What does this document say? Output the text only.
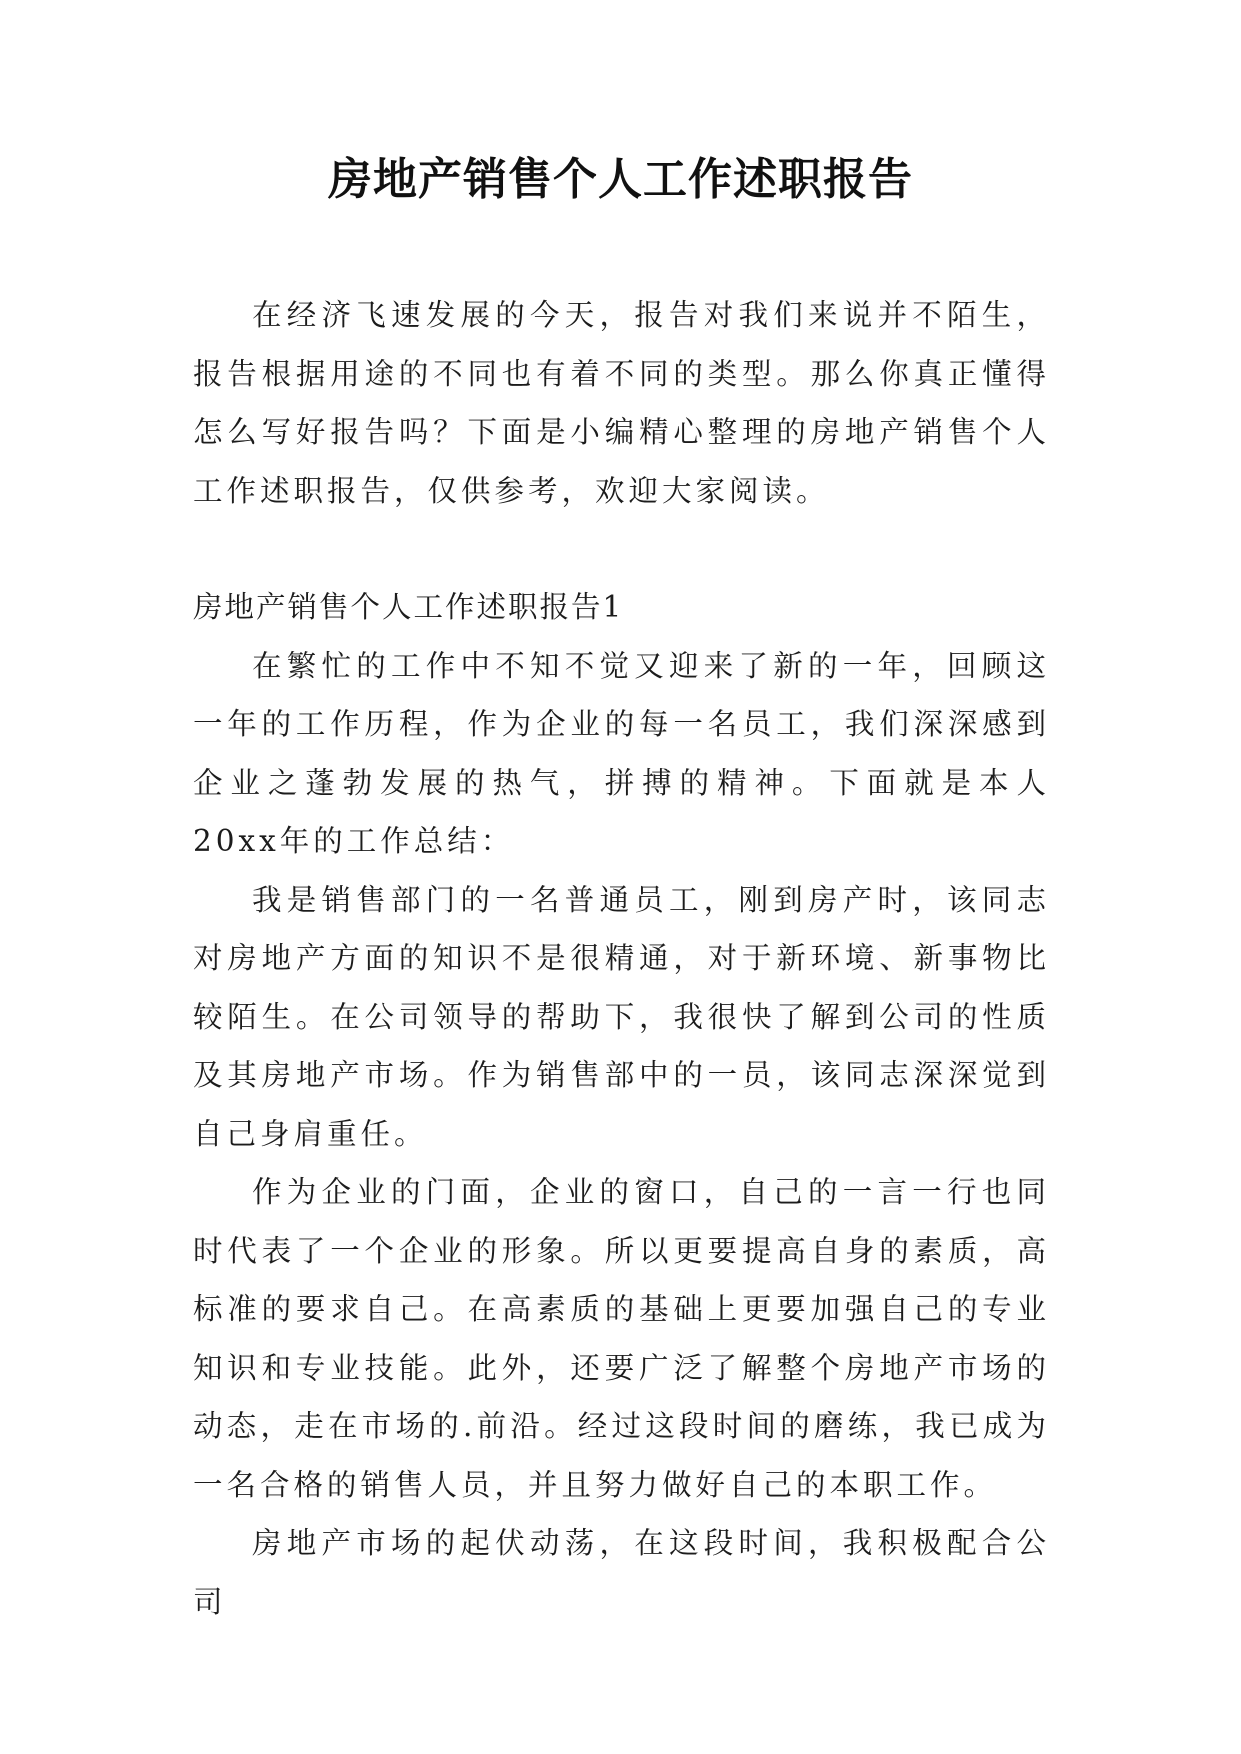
房地产销售个人工作述职报告

在经济飞速发展的今天，报告对我们来说并不陌生，报告根据用途的不同也有着不同的类型。那么你真正懂得怎么写好报告吗？下面是小编精心整理的房地产销售个人工作述职报告，仅供参考，欢迎大家阅读。

房地产销售个人工作述职报告1

在繁忙的工作中不知不觉又迎来了新的一年，回顾这一年的工作历程，作为企业的每一名员工，我们深深感到企业之蓬勃发展的热气，拼搏的精神。下面就是本人20xx年的工作总结：

我是销售部门的一名普通员工，刚到房产时，该同志对房地产方面的知识不是很精通，对于新环境、新事物比较陌生。在公司领导的帮助下，我很快了解到公司的性质及其房地产市场。作为销售部中的一员，该同志深深觉到自己身肩重任。

作为企业的门面，企业的窗口，自己的一言一行也同时代表了一个企业的形象。所以更要提高自身的素质，高标准的要求自己。在高素质的基础上更要加强自己的专业知识和专业技能。此外，还要广泛了解整个房地产市场的动态，走在市场的.前沿。经过这段时间的磨练，我已成为一名合格的销售人员，并且努力做好自己的本职工作。

房地产市场的起伏动荡，在这段时间，我积极配合公司
